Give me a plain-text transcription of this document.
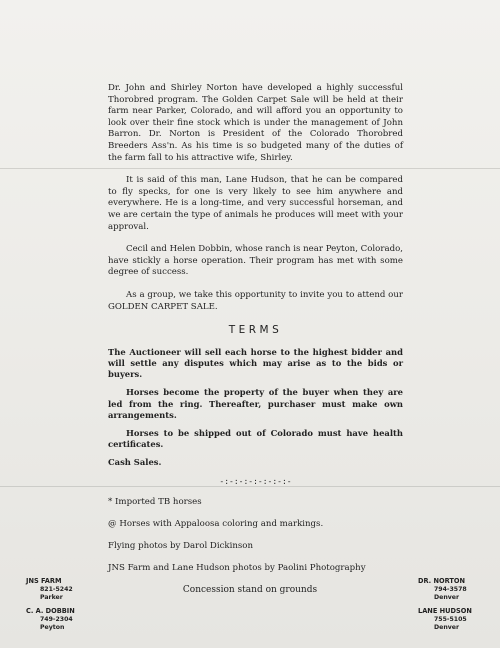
Dr. John and Shirley Norton have developed a highly successful Thorobred program. The Golden Carpet Sale will be held at their farm near Parker, Colorado, and will afford you an opportunity to look over their fine stock which is under the management of John Barron. Dr. Norton is President of the Colorado Thorobred Breeders Ass'n. As his time is so budgeted many of the duties of the farm fall to his attractive wife, Shirley.

It is said of this man, Lane Hudson, that he can be compared to fly specks, for one is very likely to see him anywhere and everywhere. He is a long-time, and very successful horseman, and we are certain the type of animals he produces will meet with your approval.

Cecil and Helen Dobbin, whose ranch is near Peyton, Colorado, have stickly a horse operation. Their program has met with some degree of success.

As a group, we take this opportunity to invite you to attend our GOLDEN CARPET SALE.

TERMS

The Auctioneer will sell each horse to the highest bidder and will settle any disputes which may arise as to the bids or buyers.

Horses become the property of the buyer when they are led from the ring. Thereafter, purchaser must make own arrangements.

Horses to be shipped out of Colorado must have health certificates.

Cash Sales.

-:-:-:-:-:-:-:-

* Imported TB horses

@ Horses with Appaloosa coloring and markings.

Flying photos by Darol Dickinson

JNS Farm and Lane Hudson photos by Paolini Photography

JNS FARM
821-5242
Parker
C. A. DOBBIN
749-2304
Peyton
Concession stand on grounds
DR. NORTON
794-3578
Denver
LANE HUDSON
755-5105
Denver
